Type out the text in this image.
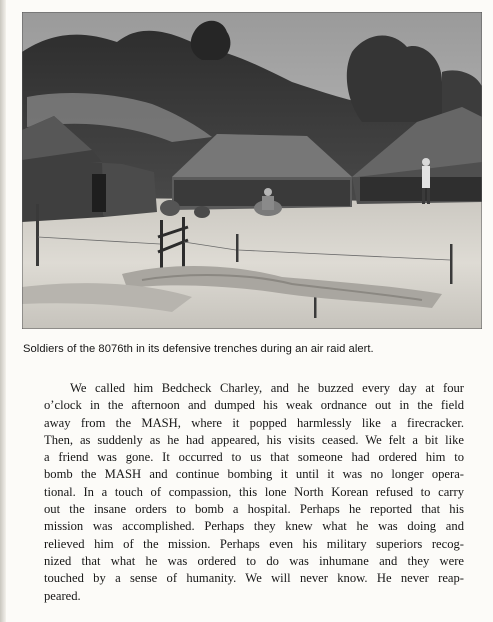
Soldiers of the 8076th in its defensive trenches during an air raid alert.

We called him Bedcheck Charley, and he buzzed every day at four
o’clock in the afternoon and dumped his weak ordnance out in the field
away from the MASH, where it popped harmlessly like a firecracker.
Then, as suddenly as he had appeared, his visits ceased. We felt a bit like
a friend was gone. It occurred to us that someone had ordered him to
bomb the MASH and continue bombing it until it was no longer opera-
tional. In a touch of compassion, this lone North Korean refused to carry
out the insane orders to bomb a hospital. Perhaps he reported that his
mission was accomplished. Perhaps they knew what he was doing and
relieved him of the mission. Perhaps even his military superiors recog-
nized that what he was ordered to do was inhumane and they were
touched by a sense of humanity. We will never know. He never reap-
peared.
